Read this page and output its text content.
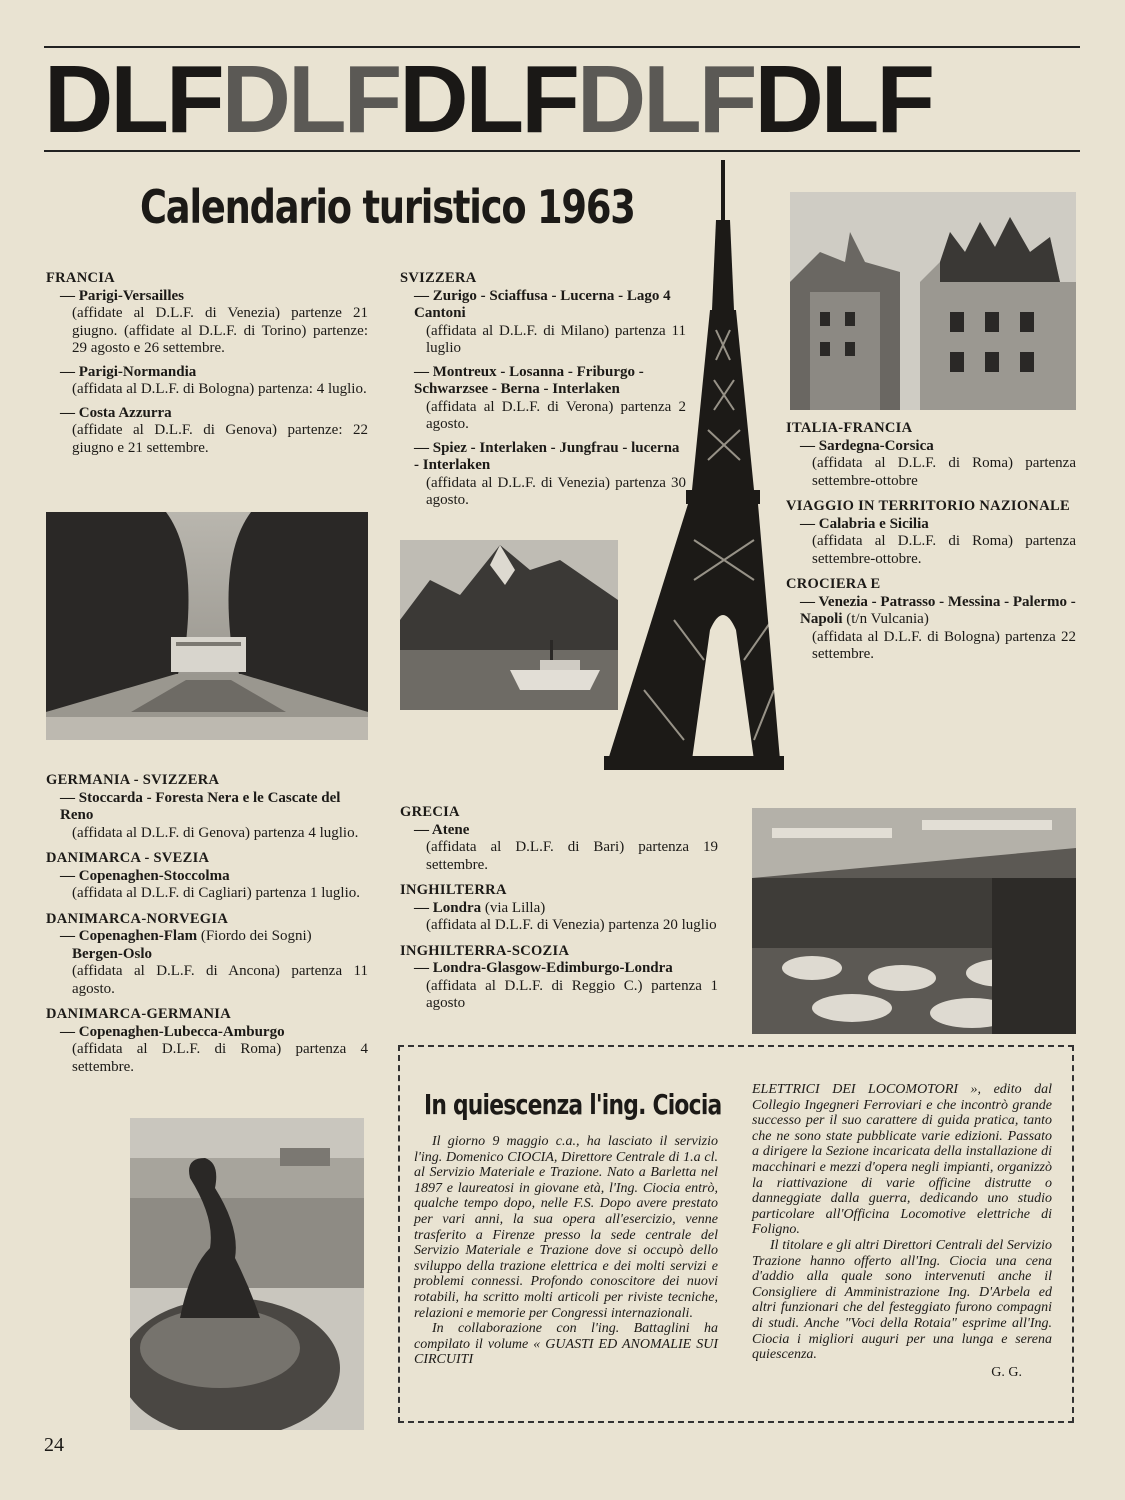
DLFDLFDLFDLFDLF
Calendario turistico 1963
FRANCIA
— Parigi-Versailles
(affidate al D.L.F. di Venezia) partenze 21 giugno. (affidate al D.L.F. di Torino) partenze: 29 agosto e 26 settembre.
— Parigi-Normandia
(affidata al D.L.F. di Bologna) partenza: 4 luglio.
— Costa Azzurra
(affidate al D.L.F. di Genova) partenze: 22 giugno e 21 settembre.
GERMANIA - SVIZZERA
— Stoccarda - Foresta Nera e le Cascate del Reno
(affidata al D.L.F. di Genova) partenza 4 luglio.
DANIMARCA - SVEZIA
— Copenaghen-Stoccolma
(affidata al D.L.F. di Cagliari) partenza 1 luglio.
DANIMARCA-NORVEGIA
— Copenaghen-Flam (Fiordo dei Sogni)
Bergen-Oslo
(affidata al D.L.F. di Ancona) partenza 11 agosto.
DANIMARCA-GERMANIA
— Copenaghen-Lubecca-Amburgo
(affidata al D.L.F. di Roma) partenza 4 settembre.
SVIZZERA
— Zurigo - Sciaffusa - Lucerna - Lago 4 Cantoni
(affidata al D.L.F. di Milano) partenza 11 luglio
— Montreux - Losanna - Friburgo - Schwarzsee - Berna - Interlaken
(affidata al D.L.F. di Verona) partenza 2 agosto.
— Spiez - Interlaken - Jungfrau - lucerna - Interlaken
(affidata al D.L.F. di Venezia) partenza 30 agosto.
GRECIA
— Atene
(affidata al D.L.F. di Bari) partenza 19 settembre.
INGHILTERRA
— Londra (via Lilla)
(affidata al D.L.F. di Venezia) partenza 20 luglio
INGHILTERRA-SCOZIA
— Londra-Glasgow-Edimburgo-Londra
(affidata al D.L.F. di Reggio C.) partenza 1 agosto
ITALIA-FRANCIA
— Sardegna-Corsica
(affidata al D.L.F. di Roma) partenza settembre-ottobre
VIAGGIO IN TERRITORIO NAZIONALE
— Calabria e Sicilia
(affidata al D.L.F. di Roma) partenza settembre-ottobre.
CROCIERA E
— Venezia - Patrasso - Messina - Palermo - Napoli (t/n Vulcania)
(affidata al D.L.F. di Bologna) partenza 22 settembre.
In quiescenza l'ing. Ciocia

Il giorno 9 maggio c.a., ha lasciato il servizio l'ing. Domenico CIOCIA, Direttore Centrale di 1.a cl. al Servizio Materiale e Trazione. Nato a Barletta nel 1897 e laureatosi in giovane età, l'Ing. Ciocia entrò, qualche tempo dopo, nelle F.S. Dopo avere prestato per vari anni, la sua opera all'esercizio, venne trasferito a Firenze presso la sede centrale del Servizio Materiale e Trazione dove si occupò dello sviluppo della trazione elettrica e dei molti servizi e problemi connessi. Profondo conoscitore dei nuovi rotabili, ha scritto molti articoli per riviste tecniche, relazioni e memorie per Congressi internazionali.

In collaborazione con l'ing. Battaglini ha compilato il volume « GUASTI ED ANOMALIE SUI CIRCUITI

ELETTRICI DEI LOCOMOTORI », edito dal Collegio Ingegneri Ferroviari e che incontrò grande successo per il suo carattere di guida pratica, tanto che ne sono state pubblicate varie edizioni. Passato a dirigere la Sezione incaricata della installazione di macchinari e mezzi d'opera negli impianti, organizzò la riattivazione di varie officine distrutte o danneggiate dalla guerra, dedicando uno studio particolare all'Officina Locomotive elettriche di Foligno.

Il titolare e gli altri Direttori Centrali del Servizio Trazione hanno offerto all'Ing. Ciocia una cena d'addio alla quale sono intervenuti anche il Consigliere di Amministrazione Ing. D'Arbela ed altri funzionari che del festeggiato furono compagni di studi. Anche "Voci della Rotaia" esprime all'Ing. Ciocia i migliori auguri per una lunga e serena quiescenza.

G. G.
24
